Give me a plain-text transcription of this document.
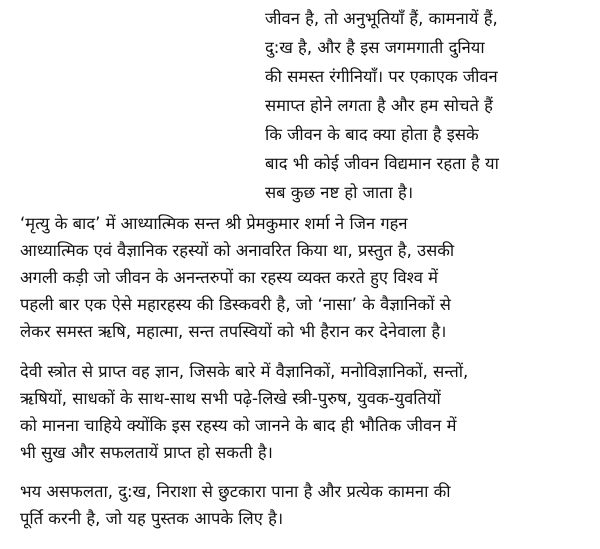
जीवन है, तो अनुभूतियाँ हैं, कामनायें हैं,
दु:ख है, और है इस जगमगाती दुनिया
की समस्त रंगीनियाँ। पर एकाएक जीवन
समाप्त होने लगता है और हम सोचते हैं
कि जीवन के बाद क्या होता है इसके
बाद भी कोई जीवन विद्यमान रहता है या
सब कुछ नष्ट हो जाता है।
‘मृत्यु के बाद’ में आध्यात्मिक सन्त श्री प्रेमकुमार शर्मा ने जिन गहन
आध्यात्मिक एवं वैज्ञानिक रहस्यों को अनावरित किया था, प्रस्तुत है, उसकी
अगली कड़ी जो जीवन के अनन्तरुपों का रहस्य व्यक्त करते हुए विश्व में
पहली बार एक ऐसे महारहस्य की डिस्कवरी है, जो ‘नासा’ के वैज्ञानिकों से
लेकर समस्त ऋषि, महात्मा, सन्त तपस्वियों को भी हैरान कर देनेवाला है।
देवी स्त्रोत से प्राप्त वह ज्ञान, जिसके बारे में वैज्ञानिकों, मनोविज्ञानिकों, सन्तों,
ऋषियों, साधकों के साथ-साथ सभी पढ़े-लिखे स्त्री-पुरुष, युवक-युवतियों
को मानना चाहिये क्योंकि इस रहस्य को जानने के बाद ही भौतिक जीवन में
भी सुख और सफलतायें प्राप्त हो सकती है।
भय असफलता, दु:ख, निराशा से छुटकारा पाना है और प्रत्येक कामना की
पूर्ति करनी है, जो यह पुस्तक आपके लिए है।
